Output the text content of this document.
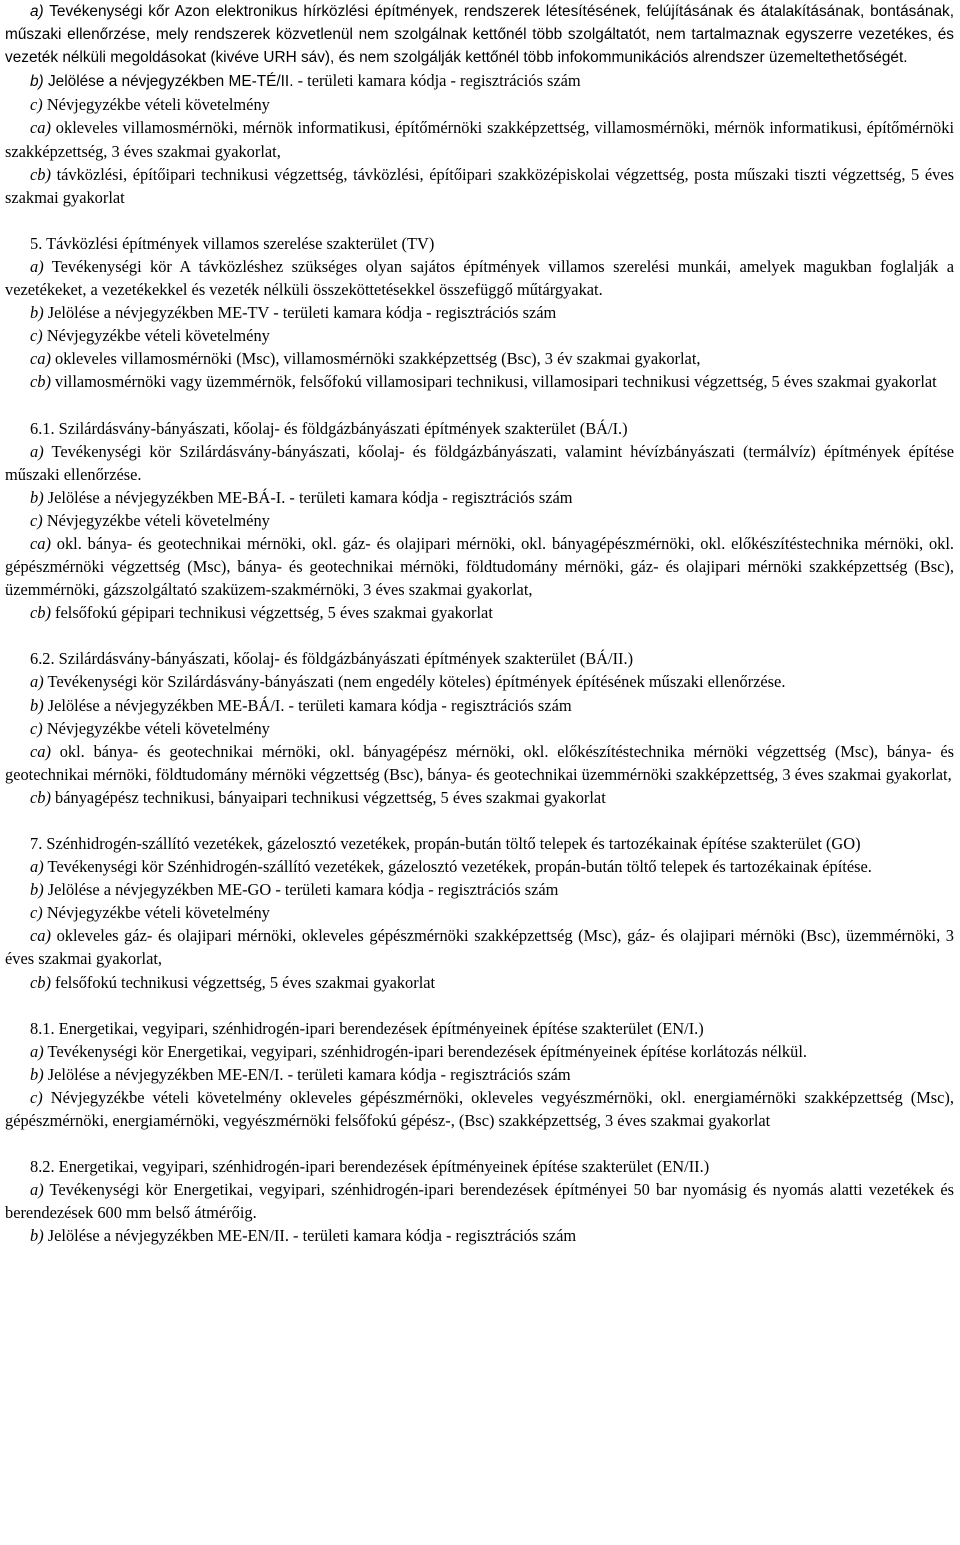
a) Tevékenységi kőr Azon elektronikus hírközlési építmények, rendszerek létesítésének, felújításának és átalakításának, bontásának, műszaki ellenőrzése, mely rendszerek közvetlenül nem szolgálnak kettőnél több szolgáltatót, nem tartalmaznak egyszerre vezetékes, és vezeték nélküli megoldásokat (kivéve URH sáv), és nem szolgálják kettőnél több infokommunikációs alrendszer üzemeltethetőségét.

b) Jelölése a névjegyzékben ME-TÉ/II. - területi kamara kódja - regisztrációs szám

c) Névjegyzékbe vételi követelmény

ca) okleveles villamosmérnöki, mérnök informatikusi, építőmérnöki szakképzettség, villamosmérnöki, mérnök informatikusi, építőmérnöki szakképzettség, 3 éves szakmai gyakorlat,

cb) távközlési, építőipari technikusi végzettség, távközlési, építőipari szakközépiskolai végzettség, posta műszaki tiszti végzettség, 5 éves szakmai gyakorlat

5. Távközlési építmények villamos szerelése szakterület (TV)

a) Tevékenységi kör A távközléshez szükséges olyan sajátos építmények villamos szerelési munkái, amelyek magukban foglalják a vezetékeket, a vezetékekkel és vezeték nélküli összeköttetésekkel összefüggő műtárgyakat.

b) Jelölése a névjegyzékben ME-TV - területi kamara kódja - regisztrációs szám

c) Névjegyzékbe vételi követelmény

ca) okleveles villamosmérnöki (Msc), villamosmérnöki szakképzettség (Bsc), 3 év szakmai gyakorlat,

cb) villamosmérnöki vagy üzemmérnök, felsőfokú villamosipari technikusi, villamosipari technikusi végzettség, 5 éves szakmai gyakorlat

6.1. Szilárdásvány-bányászati, kőolaj- és földgázbányászati építmények szakterület (BÁ/I.)

a) Tevékenységi kör Szilárdásvány-bányászati, kőolaj- és földgázbányászati, valamint hévízbányászati (termálvíz) építmények építése műszaki ellenőrzése.

b) Jelölése a névjegyzékben ME-BÁ-I. - területi kamara kódja - regisztrációs szám

c) Névjegyzékbe vételi követelmény

ca) okl. bánya- és geotechnikai mérnöki, okl. gáz- és olajipari mérnöki, okl. bányagépészmérnöki, okl. előkészítéstechnika mérnöki, okl. gépészmérnöki végzettség (Msc), bánya- és geotechnikai mérnöki, földtudomány mérnöki, gáz- és olajipari mérnöki szakképzettség (Bsc), üzemmérnöki, gázszolgáltató szaküzem-szakmérnöki, 3 éves szakmai gyakorlat,

cb) felsőfokú gépipari technikusi végzettség, 5 éves szakmai gyakorlat

6.2. Szilárdásvány-bányászati, kőolaj- és földgázbányászati építmények szakterület (BÁ/II.)

a) Tevékenységi kör Szilárdásvány-bányászati (nem engedély köteles) építmények építésének műszaki ellenőrzése.

b) Jelölése a névjegyzékben ME-BÁ/I. - területi kamara kódja - regisztrációs szám

c) Névjegyzékbe vételi követelmény

ca) okl. bánya- és geotechnikai mérnöki, okl. bányagépész mérnöki, okl. előkészítéstechnika mérnöki végzettség (Msc), bánya- és geotechnikai mérnöki, földtudomány mérnöki végzettség (Bsc), bánya- és geotechnikai üzemmérnöki szakképzettség, 3 éves szakmai gyakorlat,

cb) bányagépész technikusi, bányaipari technikusi végzettség, 5 éves szakmai gyakorlat

7. Szénhidrogén-szállító vezetékek, gázelosztó vezetékek, propán-bután töltő telepek és tartozékainak építése szakterület (GO)

a) Tevékenységi kör Szénhidrogén-szállító vezetékek, gázelosztó vezetékek, propán-bután töltő telepek és tartozékainak építése.

b) Jelölése a névjegyzékben ME-GO - területi kamara kódja - regisztrációs szám

c) Névjegyzékbe vételi követelmény

ca) okleveles gáz- és olajipari mérnöki, okleveles gépészmérnöki szakképzettség (Msc), gáz- és olajipari mérnöki (Bsc), üzemmérnöki, 3 éves szakmai gyakorlat,

cb) felsőfokú technikusi végzettség, 5 éves szakmai gyakorlat

8.1. Energetikai, vegyipari, szénhidrogén-ipari berendezések építményeinek építése szakterület (EN/I.)

a) Tevékenységi kör Energetikai, vegyipari, szénhidrogén-ipari berendezések építményeinek építése korlátozás nélkül.

b) Jelölése a névjegyzékben ME-EN/I. - területi kamara kódja - regisztrációs szám

c) Névjegyzékbe vételi követelmény okleveles gépészmérnöki, okleveles vegyészmérnöki, okl. energiamérnöki szakképzettség (Msc), gépészmérnöki, energiamérnöki, vegyészmérnöki felsőfokú gépész-, (Bsc) szakképzettség, 3 éves szakmai gyakorlat

8.2. Energetikai, vegyipari, szénhidrogén-ipari berendezések építményeinek építése szakterület (EN/II.)

a) Tevékenységi kör Energetikai, vegyipari, szénhidrogén-ipari berendezések építményei 50 bar nyomásig és nyomás alatti vezetékek és berendezések 600 mm belső átmérőig.

b) Jelölése a névjegyzékben ME-EN/II. - területi kamara kódja - regisztrációs szám
